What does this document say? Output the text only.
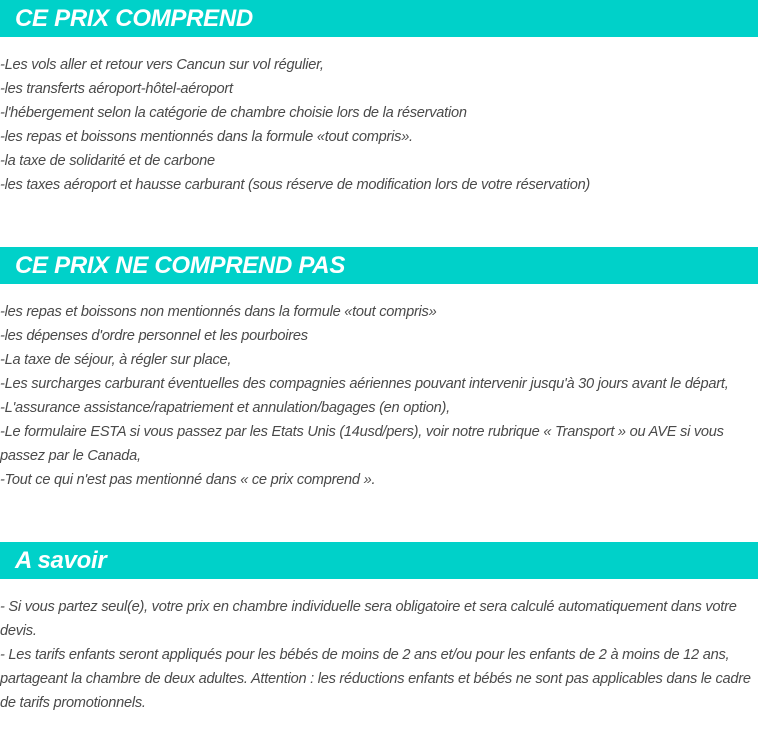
CE PRIX COMPREND
-Les vols aller et retour vers Cancun sur vol régulier,
-les transferts aéroport-hôtel-aéroport
-l'hébergement selon la catégorie de chambre choisie lors de la réservation
-les repas et boissons mentionnés dans la formule «tout compris».
-la taxe de solidarité et de carbone
-les taxes aéroport et hausse carburant (sous réserve de modification lors de votre réservation)
CE PRIX NE COMPREND PAS
-les repas et boissons non mentionnés dans la formule «tout compris»
-les dépenses d'ordre personnel et les pourboires
-La taxe de séjour, à régler sur place,
-Les surcharges carburant éventuelles des compagnies aériennes pouvant intervenir jusqu'à 30 jours avant le départ,
-L'assurance assistance/rapatriement et annulation/bagages (en option),
-Le formulaire ESTA si vous passez par les Etats Unis (14usd/pers), voir notre rubrique « Transport » ou AVE si vous passez par le Canada,
-Tout ce qui n'est pas mentionné dans « ce prix comprend ».
A savoir
- Si vous partez seul(e), votre prix en chambre individuelle sera obligatoire et sera calculé automatiquement dans votre devis.
- Les tarifs enfants seront appliqués pour les bébés de moins de 2 ans et/ou pour les enfants de 2 à moins de 12 ans, partageant la chambre de deux adultes. Attention : les réductions enfants et bébés ne sont pas applicables dans le cadre de tarifs promotionnels.
